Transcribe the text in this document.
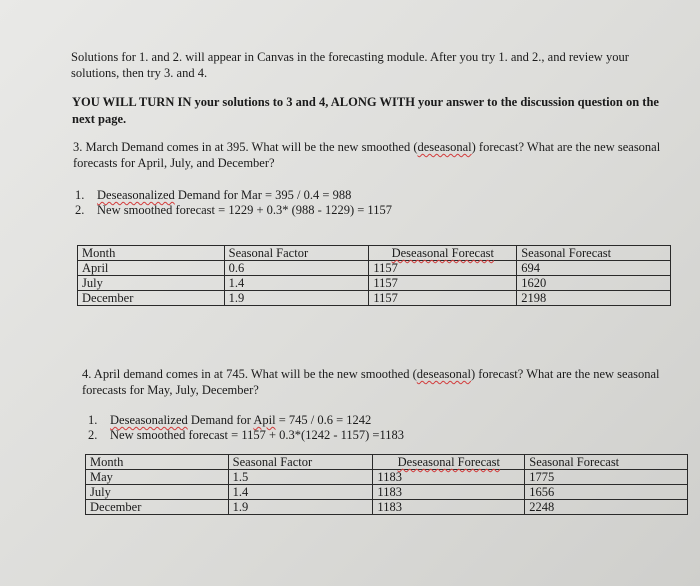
Solutions for 1. and 2. will appear in Canvas in the forecasting module. After you try 1. and 2., and review your
solutions, then try 3. and 4.
YOU WILL TURN IN your solutions to 3 and 4, ALONG WITH your answer to the discussion question on the
next page.
3. March Demand comes in at 395. What will be the new smoothed (deseasonal) forecast? What are the new seasonal
forecasts for April, July, and December?
1. Deseasonalized Demand for Mar = 395 / 0.4 = 988
2. New smoothed forecast = 1229 + 0.3* (988 - 1229) = 1157
Month	Seasonal Factor	Deseasonal Forecast	Seasonal Forecast
April	0.6	1157	694
July	1.4	1157	1620
December	1.9	1157	2198
4. April demand comes in at 745. What will be the new smoothed (deseasonal) forecast? What are the new seasonal
forecasts for May, July, December?
1. Deseasonalized Demand for Apil = 745 / 0.6 = 1242
2. New smoothed forecast = 1157 + 0.3*(1242 - 1157) =1183
Month	Seasonal Factor	Deseasonal Forecast	Seasonal Forecast
May	1.5	1183	1775
July	1.4	1183	1656
December	1.9	1183	2248
